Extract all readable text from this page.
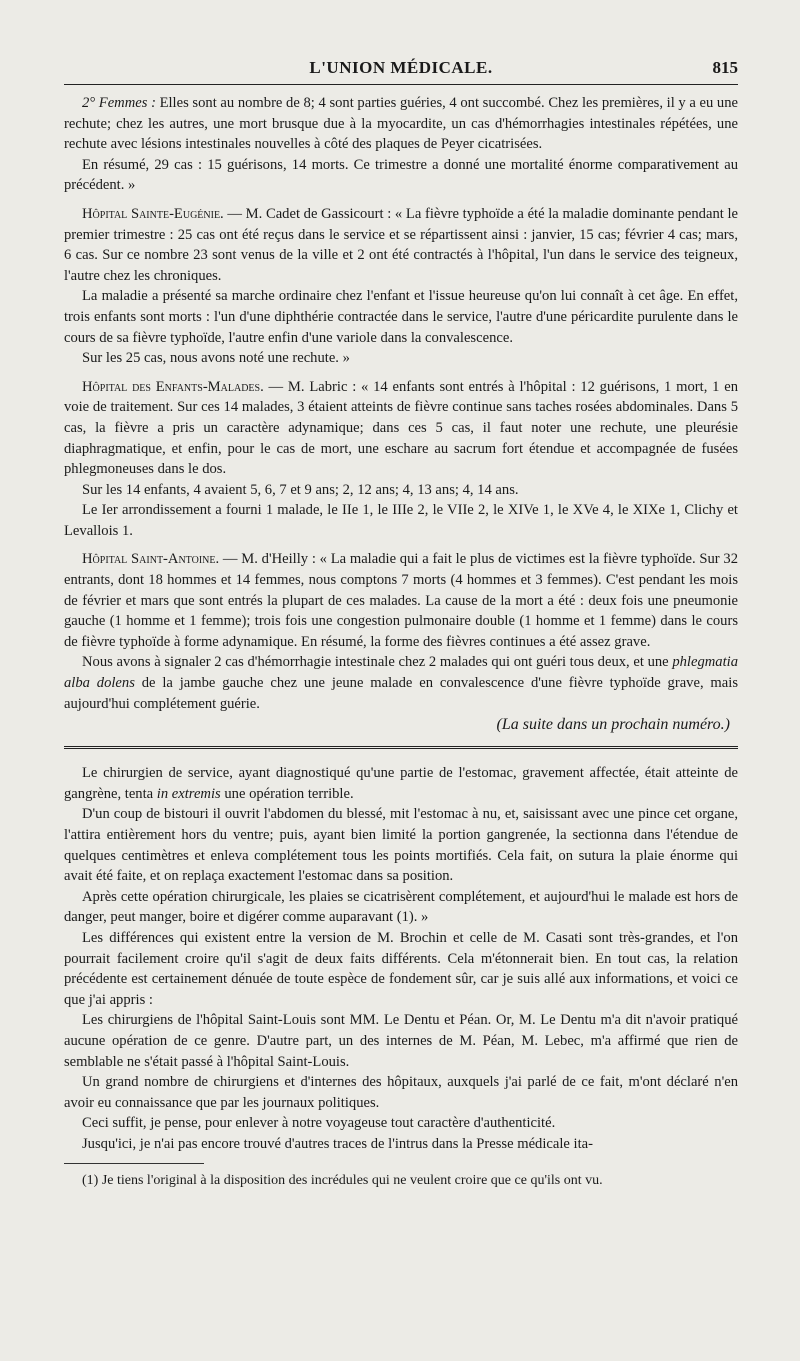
L'UNION MÉDICALE.	815

2° Femmes : Elles sont au nombre de 8; 4 sont parties guéries, 4 ont succombé. Chez les premières, il y a eu une rechute; chez les autres, une mort brusque due à la myocardite, un cas d'hémorrhagies intestinales répétées, une rechute avec lésions intestinales nouvelles à côté des plaques de Peyer cicatrisées.

En résumé, 29 cas : 15 guérisons, 14 morts. Ce trimestre a donné une mortalité énorme comparativement au précédent. »

Hôpital Sainte-Eugénie. — M. Cadet de Gassicourt : « La fièvre typhoïde a été la maladie dominante pendant le premier trimestre : 25 cas ont été reçus dans le service et se répartissent ainsi : janvier, 15 cas; février 4 cas; mars, 6 cas. Sur ce nombre 23 sont venus de la ville et 2 ont été contractés à l'hôpital, l'un dans le service des teigneux, l'autre chez les chroniques.

La maladie a présenté sa marche ordinaire chez l'enfant et l'issue heureuse qu'on lui connaît à cet âge. En effet, trois enfants sont morts : l'un d'une diphthérie contractée dans le service, l'autre d'une péricardite purulente dans le cours de sa fièvre typhoïde, l'autre enfin d'une variole dans la convalescence.

Sur les 25 cas, nous avons noté une rechute. »

Hôpital des Enfants-Malades. — M. Labric : « 14 enfants sont entrés à l'hôpital : 12 guérisons, 1 mort, 1 en voie de traitement. Sur ces 14 malades, 3 étaient atteints de fièvre continue sans taches rosées abdominales. Dans 5 cas, la fièvre a pris un caractère adynamique; dans ces 5 cas, il faut noter une rechute, une pleurésie diaphragmatique, et enfin, pour le cas de mort, une eschare au sacrum fort étendue et accompagnée de fusées phlegmoneuses dans le dos.

Sur les 14 enfants, 4 avaient 5, 6, 7 et 9 ans; 2, 12 ans; 4, 13 ans; 4, 14 ans.

Le Ier arrondissement a fourni 1 malade, le IIe 1, le IIIe 2, le VIIe 2, le XIVe 1, le XVe 4, le XIXe 1, Clichy et Levallois 1.

Hôpital Saint-Antoine. — M. d'Heilly : « La maladie qui a fait le plus de victimes est la fièvre typhoïde. Sur 32 entrants, dont 18 hommes et 14 femmes, nous comptons 7 morts (4 hommes et 3 femmes). C'est pendant les mois de février et mars que sont entrés la plupart de ces malades. La cause de la mort a été : deux fois une pneumonie gauche (1 homme et 1 femme); trois fois une congestion pulmonaire double (1 homme et 1 femme) dans le cours de fièvre typhoïde à forme adynamique. En résumé, la forme des fièvres continues a été assez grave.

Nous avons à signaler 2 cas d'hémorrhagie intestinale chez 2 malades qui ont guéri tous deux, et une phlegmatia alba dolens de la jambe gauche chez une jeune malade en convalescence d'une fièvre typhoïde grave, mais aujourd'hui complétement guérie.

(La suite dans un prochain numéro.)

Le chirurgien de service, ayant diagnostiqué qu'une partie de l'estomac, gravement affectée, était atteinte de gangrène, tenta in extremis une opération terrible.

D'un coup de bistouri il ouvrit l'abdomen du blessé, mit l'estomac à nu, et, saisissant avec une pince cet organe, l'attira entièrement hors du ventre; puis, ayant bien limité la portion gangrenée, la sectionna dans l'étendue de quelques centimètres et enleva complétement tous les points mortifiés. Cela fait, on sutura la plaie énorme qui avait été faite, et on replaça exactement l'estomac dans sa position.

Après cette opération chirurgicale, les plaies se cicatrisèrent complétement, et aujourd'hui le malade est hors de danger, peut manger, boire et digérer comme auparavant (1). »

Les différences qui existent entre la version de M. Brochin et celle de M. Casati sont très-grandes, et l'on pourrait facilement croire qu'il s'agit de deux faits différents. Cela m'étonnerait bien. En tout cas, la relation précédente est certainement dénuée de toute espèce de fondement sûr, car je suis allé aux informations, et voici ce que j'ai appris :

Les chirurgiens de l'hôpital Saint-Louis sont MM. Le Dentu et Péan. Or, M. Le Dentu m'a dit n'avoir pratiqué aucune opération de ce genre. D'autre part, un des internes de M. Péan, M. Lebec, m'a affirmé que rien de semblable ne s'était passé à l'hôpital Saint-Louis.

Un grand nombre de chirurgiens et d'internes des hôpitaux, auxquels j'ai parlé de ce fait, m'ont déclaré n'en avoir eu connaissance que par les journaux politiques.

Ceci suffit, je pense, pour enlever à notre voyageuse tout caractère d'authenticité.

Jusqu'ici, je n'ai pas encore trouvé d'autres traces de l'intrus dans la Presse médicale ita-

(1) Je tiens l'original à la disposition des incrédules qui ne veulent croire que ce qu'ils ont vu.
